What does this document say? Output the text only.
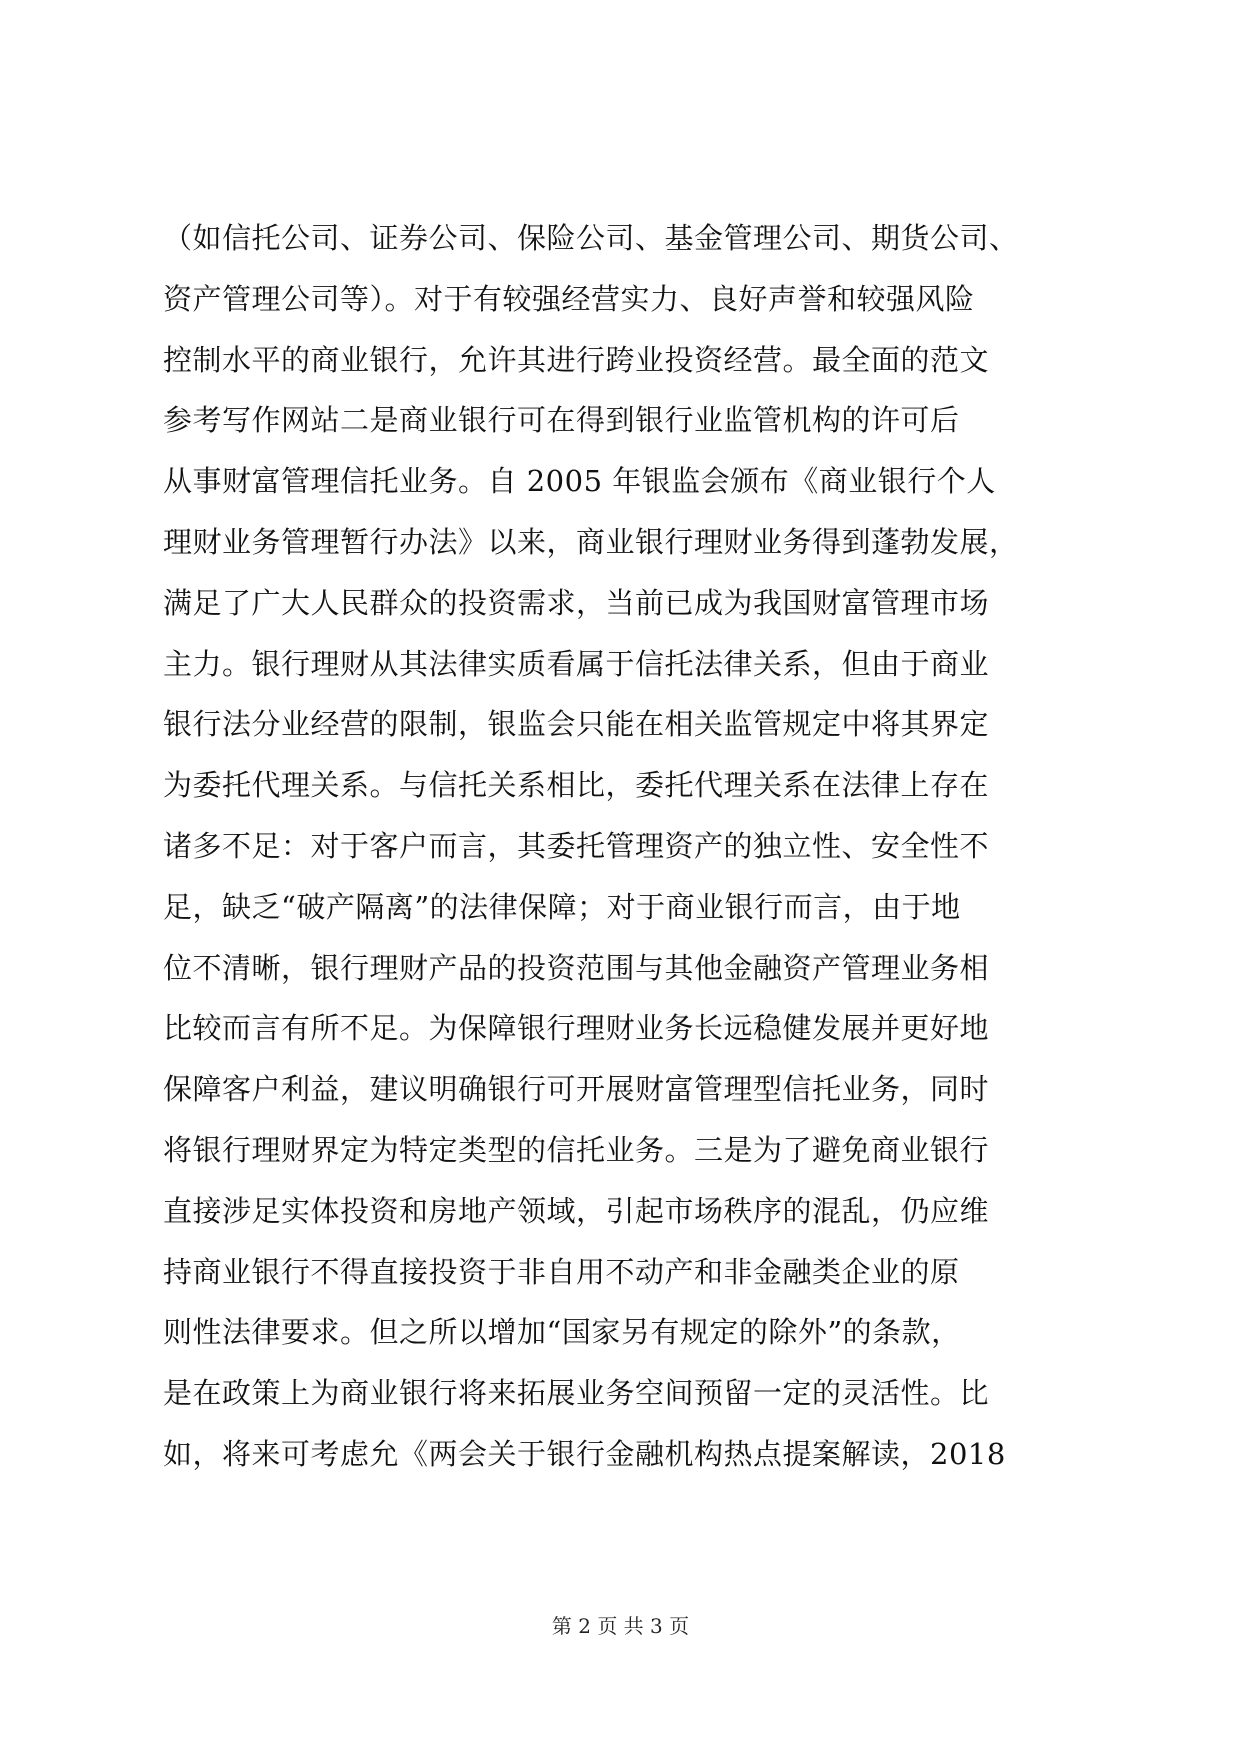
（如信托公司、证券公司、保险公司、基金管理公司、期货公司、
资产管理公司等）。对于有较强经营实力、良好声誉和较强风险
控制水平的商业银行，允许其进行跨业投资经营。最全面的范文
参考写作网站二是商业银行可在得到银行业监管机构的许可后
从事财富管理信托业务。自 2005 年银监会颁布《商业银行个人
理财业务管理暂行办法》以来，商业银行理财业务得到蓬勃发展，
满足了广大人民群众的投资需求，当前已成为我国财富管理市场
主力。银行理财从其法律实质看属于信托法律关系，但由于商业
银行法分业经营的限制，银监会只能在相关监管规定中将其界定
为委托代理关系。与信托关系相比，委托代理关系在法律上存在
诸多不足：对于客户而言，其委托管理资产的独立性、安全性不
足，缺乏“破产隔离”的法律保障；对于商业银行而言，由于地
位不清晰，银行理财产品的投资范围与其他金融资产管理业务相
比较而言有所不足。为保障银行理财业务长远稳健发展并更好地
保障客户利益，建议明确银行可开展财富管理型信托业务，同时
将银行理财界定为特定类型的信托业务。三是为了避免商业银行
直接涉足实体投资和房地产领域，引起市场秩序的混乱，仍应维
持商业银行不得直接投资于非自用不动产和非金融类企业的原
则性法律要求。但之所以增加“国家另有规定的除外”的条款，
是在政策上为商业银行将来拓展业务空间预留一定的灵活性。比
如，将来可考虑允《两会关于银行金融机构热点提案解读，2018
第 2 页 共 3 页
